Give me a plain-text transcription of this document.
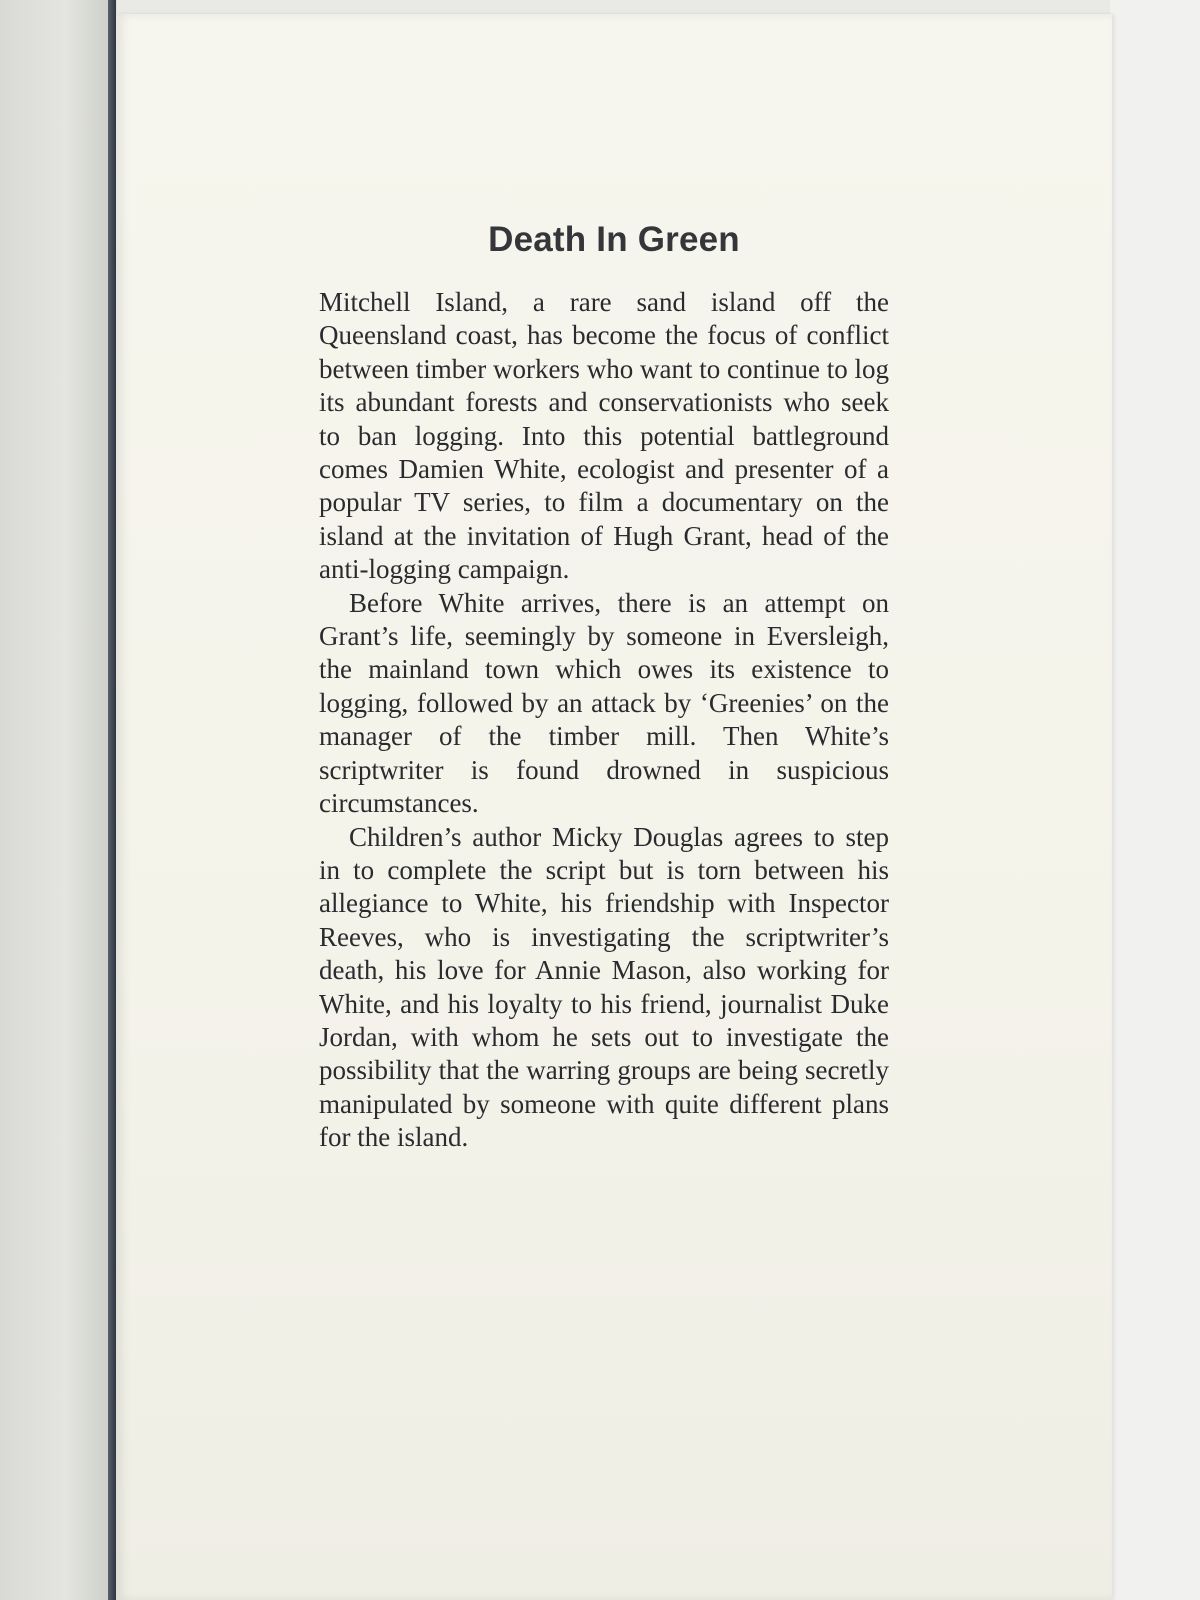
Death In Green

Mitchell Island, a rare sand island off the Queensland coast, has become the focus of conflict between timber workers who want to continue to log its abundant forests and conservationists who seek to ban logging. Into this potential battleground comes Damien White, ecologist and presenter of a popular TV series, to film a documentary on the island at the invitation of Hugh Grant, head of the anti-logging campaign.

Before White arrives, there is an attempt on Grant’s life, seemingly by someone in Eversleigh, the mainland town which owes its existence to logging, followed by an attack by ‘Greenies’ on the manager of the timber mill. Then White’s scriptwriter is found drowned in suspicious circumstances.

Children’s author Micky Douglas agrees to step in to complete the script but is torn between his allegiance to White, his friendship with Inspector Reeves, who is investigating the scriptwriter’s death, his love for Annie Mason, also working for White, and his loyalty to his friend, journalist Duke Jordan, with whom he sets out to investigate the possibility that the warring groups are being secretly manipulated by someone with quite different plans for the island.
